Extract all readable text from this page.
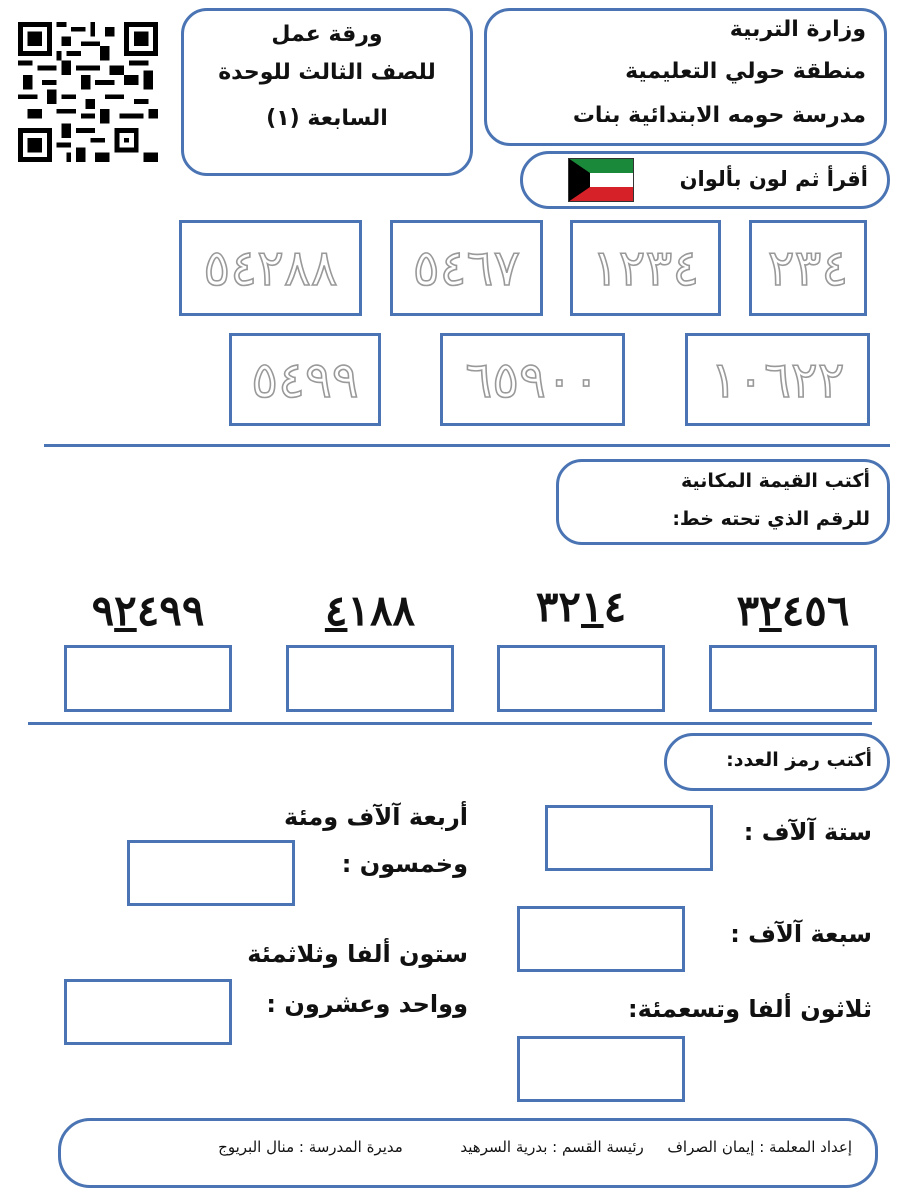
ورقة عمل
للصف الثالث للوحدة
السابعة (١)
وزارة التربية
منطقة حولي التعليمية
مدرسة حومه الابتدائية بنات
أقرأ ثم لون بألوان
٥٤٢٨٨ ٥٤٦٧ ١٢٣٤ ٢٣٤
٥٤٩٩ ٦٥٩٠٠ ١٠٦٢٢
أكتب القيمة المكانية
للرقم الذي تحته خط:
٩٢٤٩٩	٤١٨٨	٣٢١٤	٣٢٤٥٦
أكتب رمز العدد:
ستة آلآف :
سبعة آلآف :
ثلاثون ألفا وتسعمئة:
أربعة آلآف ومئة
وخمسون :
ستون ألفا وثلاثمئة
وواحد وعشرون :
إعداد المعلمة : إيمان الصراف  رئيسة القسم : بدرية السرهيد  مديرة المدرسة : منال البريوج
